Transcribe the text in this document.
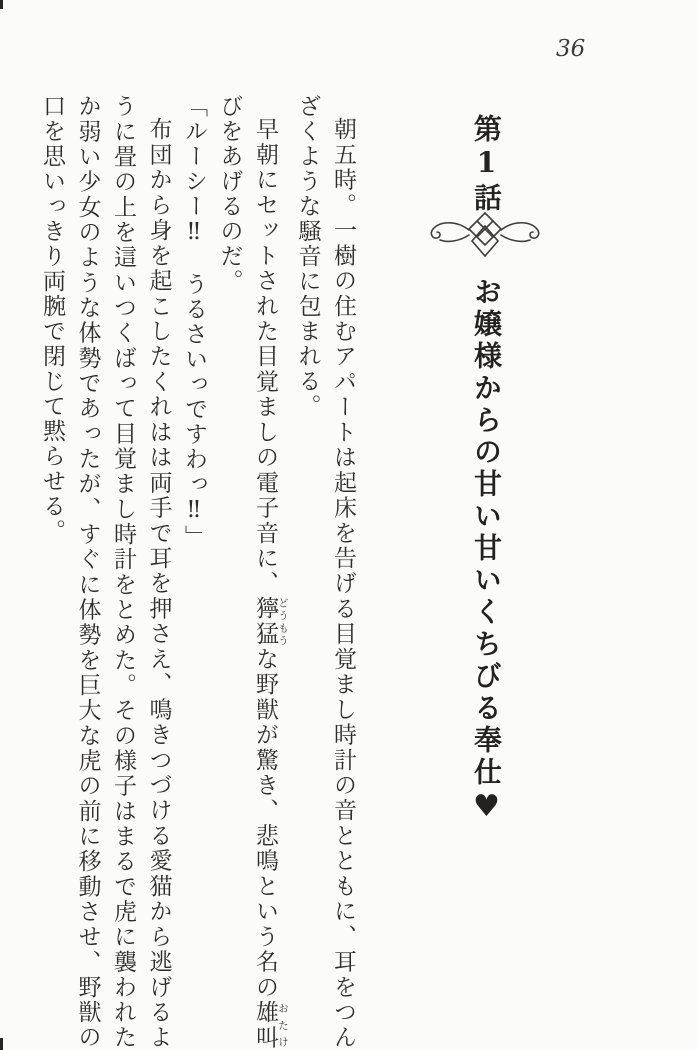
36
第1話お嬢様からの甘い甘いくちびる奉仕♥

朝五時。一樹の住むアパートは起床を告げる目覚まし時計の音とともに、耳をつんざくような騒音に包まれる。

早朝にセットされた目覚ましの電子音に、獰猛 どうもうな野獣が驚き、悲鳴という名の雄叫 おたけびをあげるのだ。

「ルーシー‼　うるさいっですわっ‼」

布団から身を起こしたくれはは両手で耳を押さえ、鳴きつづける愛猫から逃げるように畳の上を這いつくばって目覚まし時計をとめた。その様子はまるで虎に襲われたか弱い少女のような体勢であったが、すぐに体勢を巨大な虎の前に移動させ、野獣の口を思いっきり両腕で閉じて黙らせる。
